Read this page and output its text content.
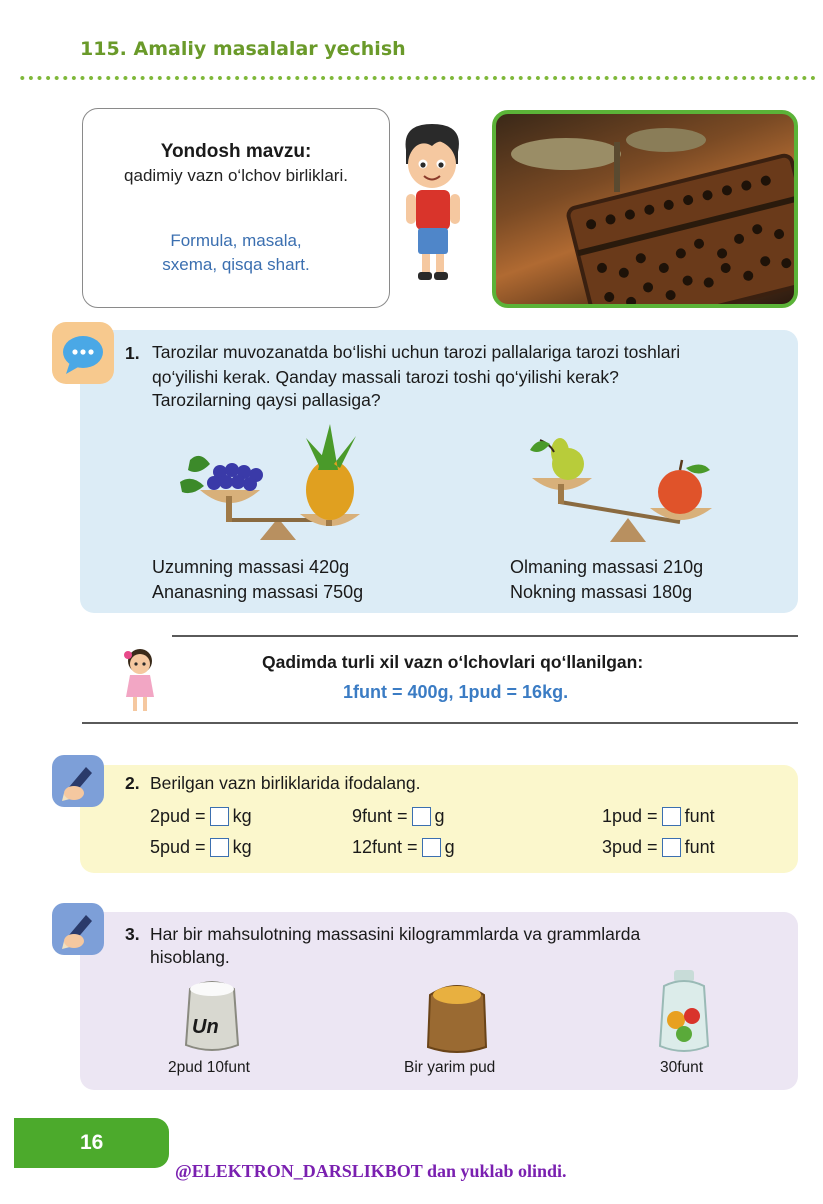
115. Amaliy masalalar yechish
Yondosh mavzu:
qadimiy vazn o‘lchov birliklari.
Formula, masala,
sxema, qisqa shart.
1. Tarozilar muvozanatda bo‘lishi uchun tarozi pallalariga tarozi toshlari
qo‘yilishi kerak. Qanday massali tarozi toshi qo‘yilishi kerak?
Tarozilarning qaysi pallasiga?
Uzumning massasi 420g
Ananasning massasi 750g
Olmaning massasi 210g
Nokning massasi 180g
Qadimda turli xil vazn o‘lchovlari qo‘llanilgan:
1funt = 400g, 1pud = 16kg.
2. Berilgan vazn birliklarida ifodalang.
2pud = kg	9funt = g	1pud = funt
5pud = kg	12funt = g	3pud = funt
3. Har bir mahsulotning massasini kilogrammlarda va grammlarda
hisoblang.
Un
2pud 10funt	Bir yarim pud	30funt
16
@ELEKTRON_DARSLIKBOT dan yuklab olindi.
